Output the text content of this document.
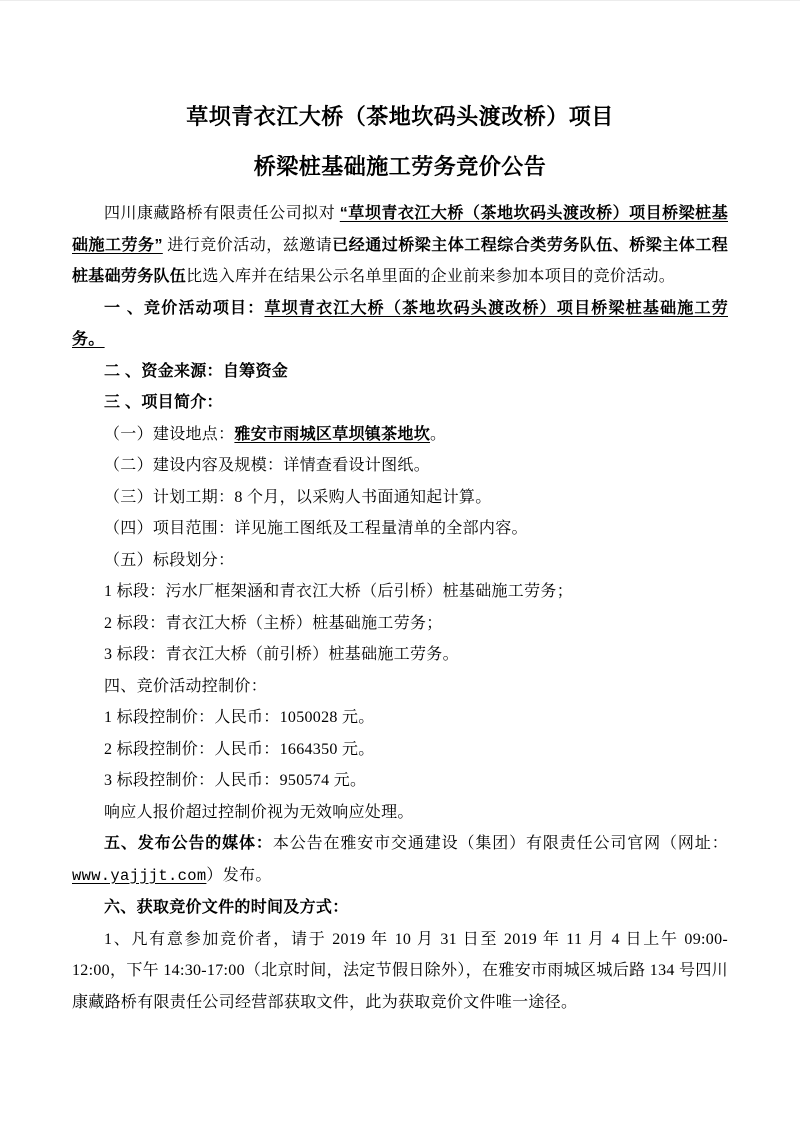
草坝青衣江大桥（茶地坎码头渡改桥）项目
桥梁桩基础施工劳务竞价公告

四川康藏路桥有限责任公司拟对 “草坝青衣江大桥（茶地坎码头渡改桥）项目桥梁桩基础施工劳务” 进行竞价活动，兹邀请已经通过桥梁主体工程综合类劳务队伍、桥梁主体工程桩基础劳务队伍比选入库并在结果公示名单里面的企业前来参加本项目的竞价活动。

一 、竞价活动项目：草坝青衣江大桥（茶地坎码头渡改桥）项目桥梁桩基础施工劳务。

二 、资金来源：自筹资金

三 、项目简介：

（一）建设地点：雅安市雨城区草坝镇茶地坎。

（二）建设内容及规模：详情查看设计图纸。

（三）计划工期：8 个月，以采购人书面通知起计算。

（四）项目范围：详见施工图纸及工程量清单的全部内容。

（五）标段划分：

1 标段：污水厂框架涵和青衣江大桥（后引桥）桩基础施工劳务；

2 标段：青衣江大桥（主桥）桩基础施工劳务；

3 标段：青衣江大桥（前引桥）桩基础施工劳务。

四、竞价活动控制价：

1 标段控制价：人民币：1050028 元。

2 标段控制价：人民币：1664350 元。

3 标段控制价：人民币：950574 元。

响应人报价超过控制价视为无效响应处理。

五、发布公告的媒体：本公告在雅安市交通建设（集团）有限责任公司官网（网址：www.yajjjt.com）发布。

六、获取竞价文件的时间及方式：

1、凡有意参加竞价者，请于 2019 年 10 月 31 日至 2019 年 11 月 4 日上午 09:00-12:00，下午 14:30-17:00（北京时间，法定节假日除外），在雅安市雨城区城后路 134 号四川康藏路桥有限责任公司经营部获取文件，此为获取竞价文件唯一途径。
